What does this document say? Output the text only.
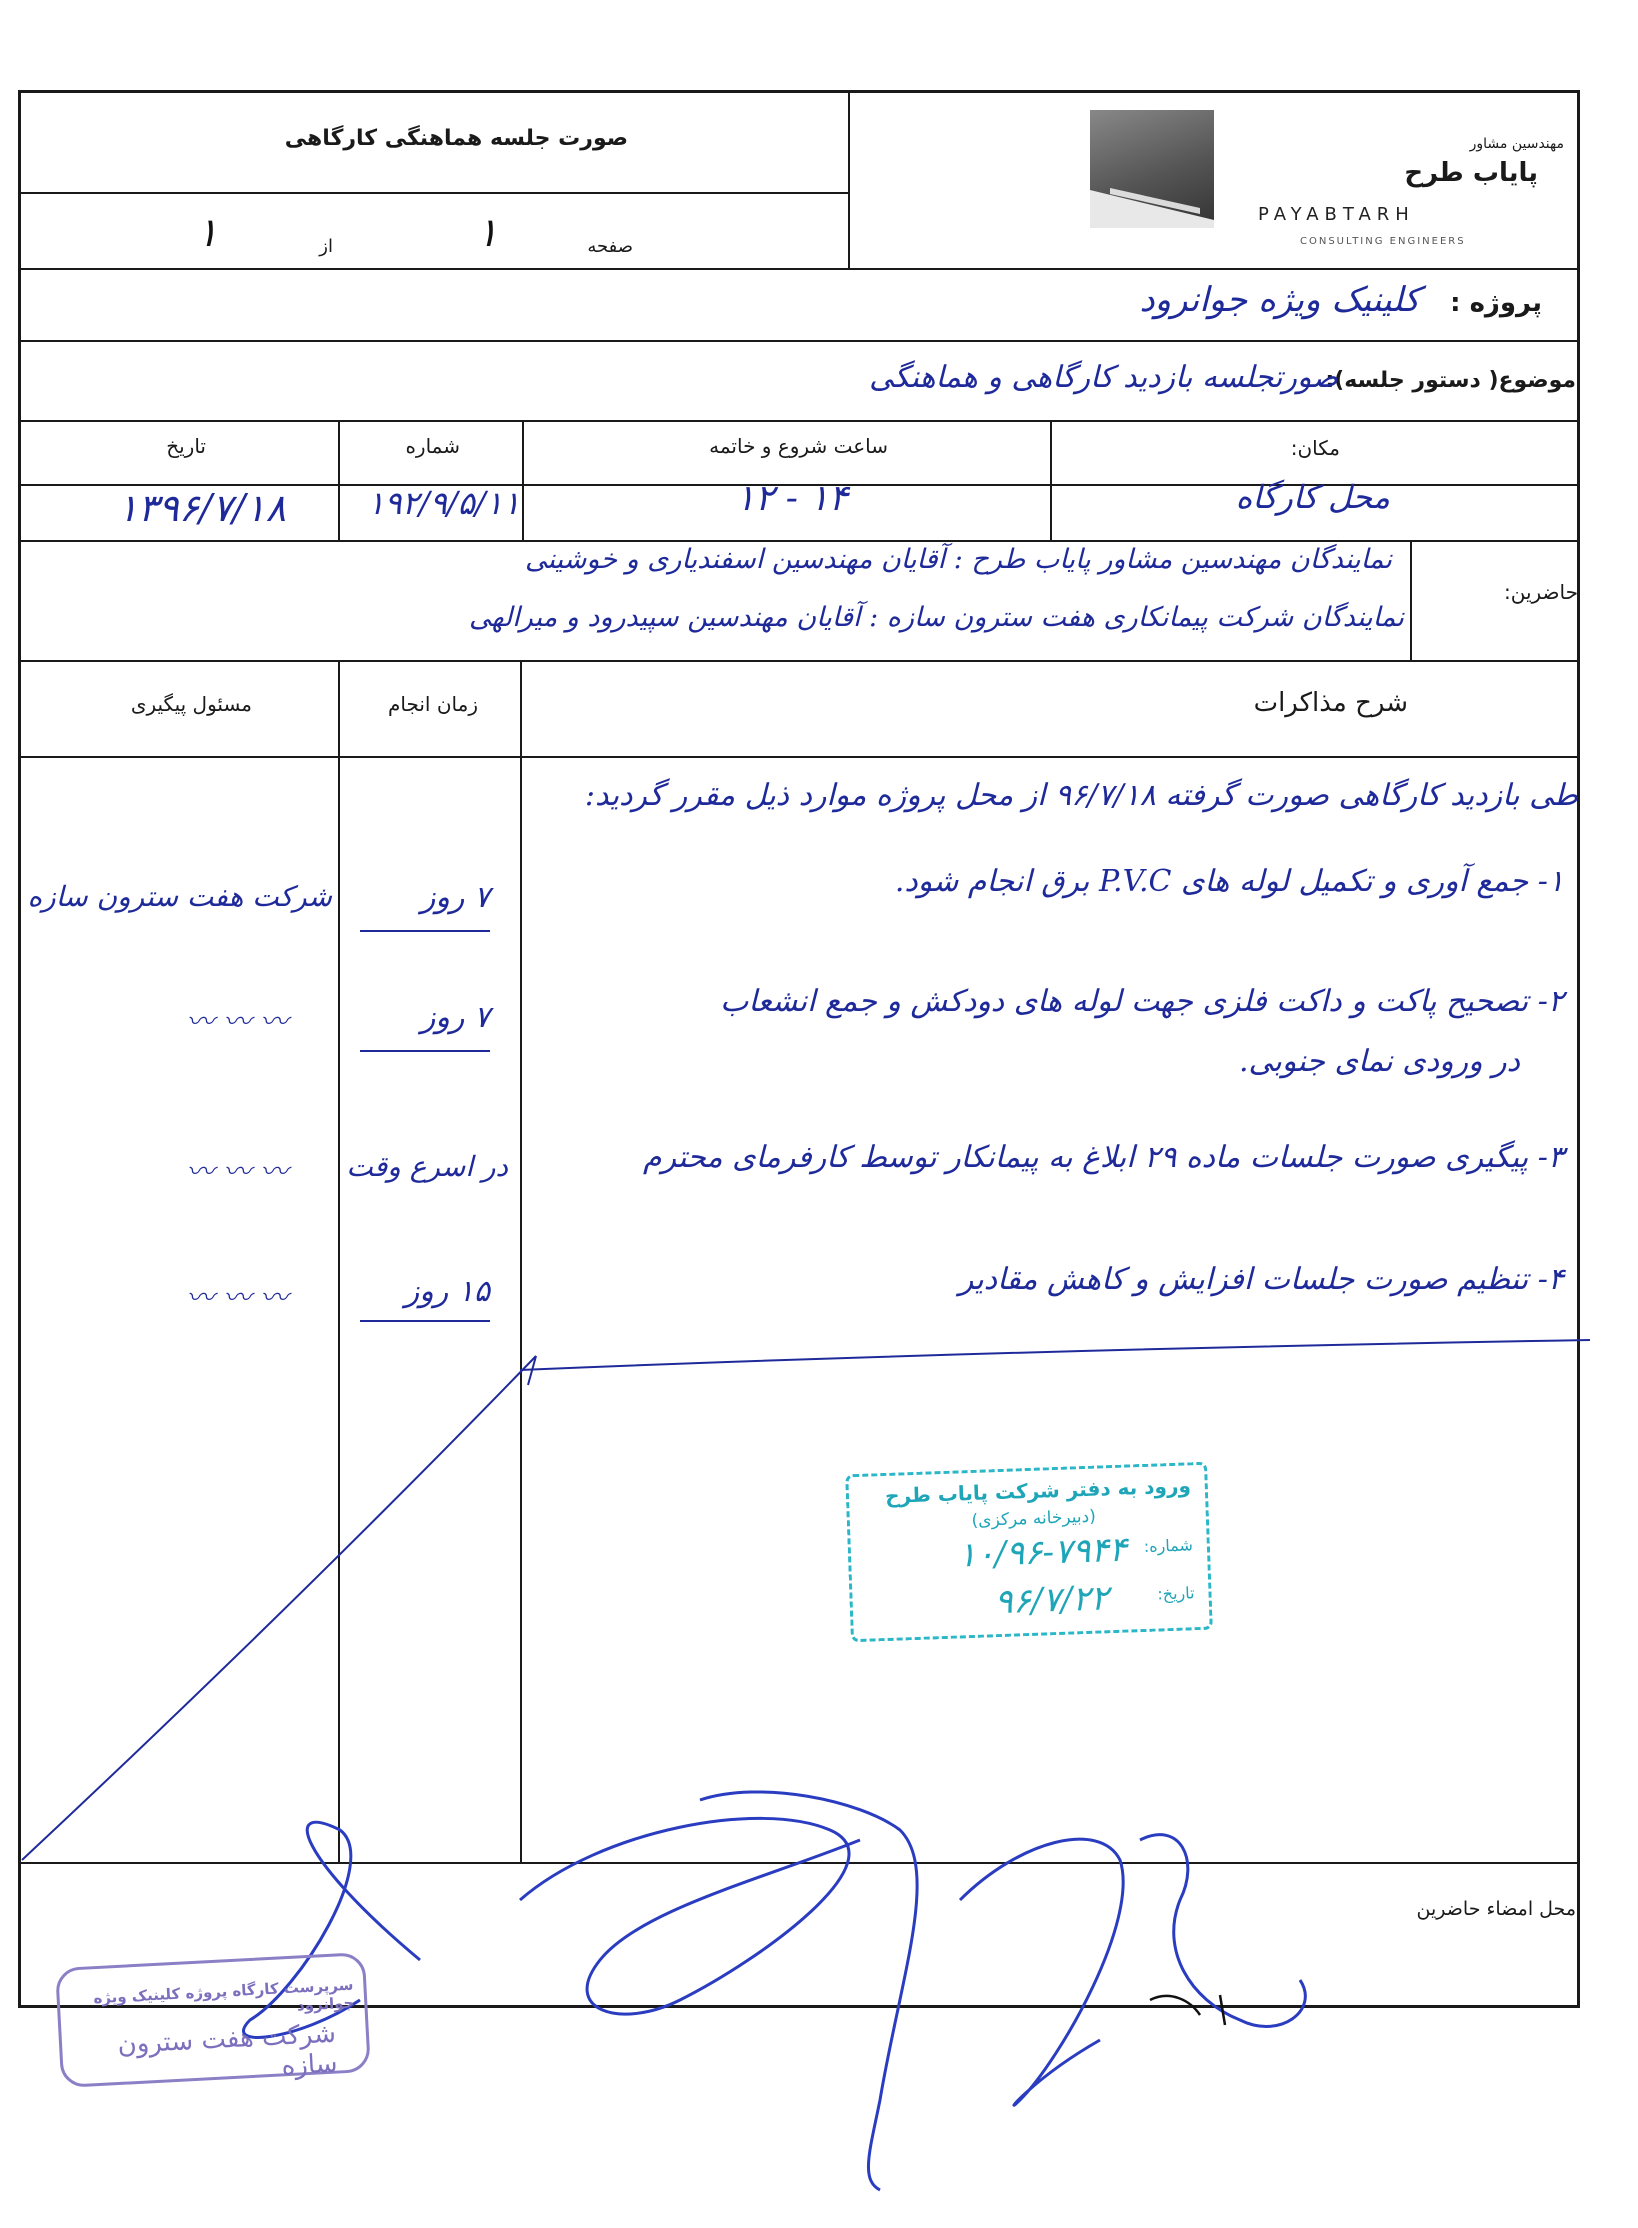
صورت جلسه هماهنگی کارگاهی
صفحه
۱
از
۱
مهندسین مشاور
پایاب طرح
PAYABTARH
CONSULTING ENGINEERS
پروژه :
کلینیک ویژه جوانرود
موضوع( دستور جلسه):
صورتجلسه بازدید کارگاهی و هماهنگی
مکان:
ساعت شروع و خاتمه
شماره
تاریخ
محل کارگاه
۱۴ - ۱۲
۱۹۲/۹/۵/۱۱
۱۳۹۶/۷/۱۸
حاضرین:
نمایندگان مهندسین مشاور پایاب طرح : آقایان مهندسین اسفندیاری و خوشینی
نمایندگان شرکت پیمانکاری هفت سترون سازه : آقایان مهندسین سپیدرود و میرالهی
شرح مذاکرات
زمان انجام
مسئول پیگیری
طی بازدید کارگاهی صورت گرفته ۹۶/۷/۱۸ از محل پروژه موارد ذیل مقرر گردید:
۱- جمع آوری و تکمیل لوله های P.V.C برق انجام شود.
۷ روز
شرکت هفت سترون سازه
۲- تصحیح پاکت و داکت فلزی جهت لوله های دودکش و جمع انشعاب
در ورودی نمای جنوبی.
۷ روز
〰 〰 〰
۳- پیگیری صورت جلسات ماده ۲۹ ابلاغ به پیمانکار توسط کارفرمای محترم
در اسرع وقت
〰 〰 〰
۴- تنظیم صورت جلسات افزایش و کاهش مقادیر
۱۵ روز
〰 〰 〰
ورود به دفتر شرکت پایاب طرح
(دبیرخانه مرکزی)
شماره:
۱۰/۹۶-۷۹۴۴
تاریخ:
۹۶/۷/۲۲
محل امضاء حاضرین
سرپرست کارگاه پروژه کلینیک ویژه جوانرود
شرکت هفت سترون سازه
